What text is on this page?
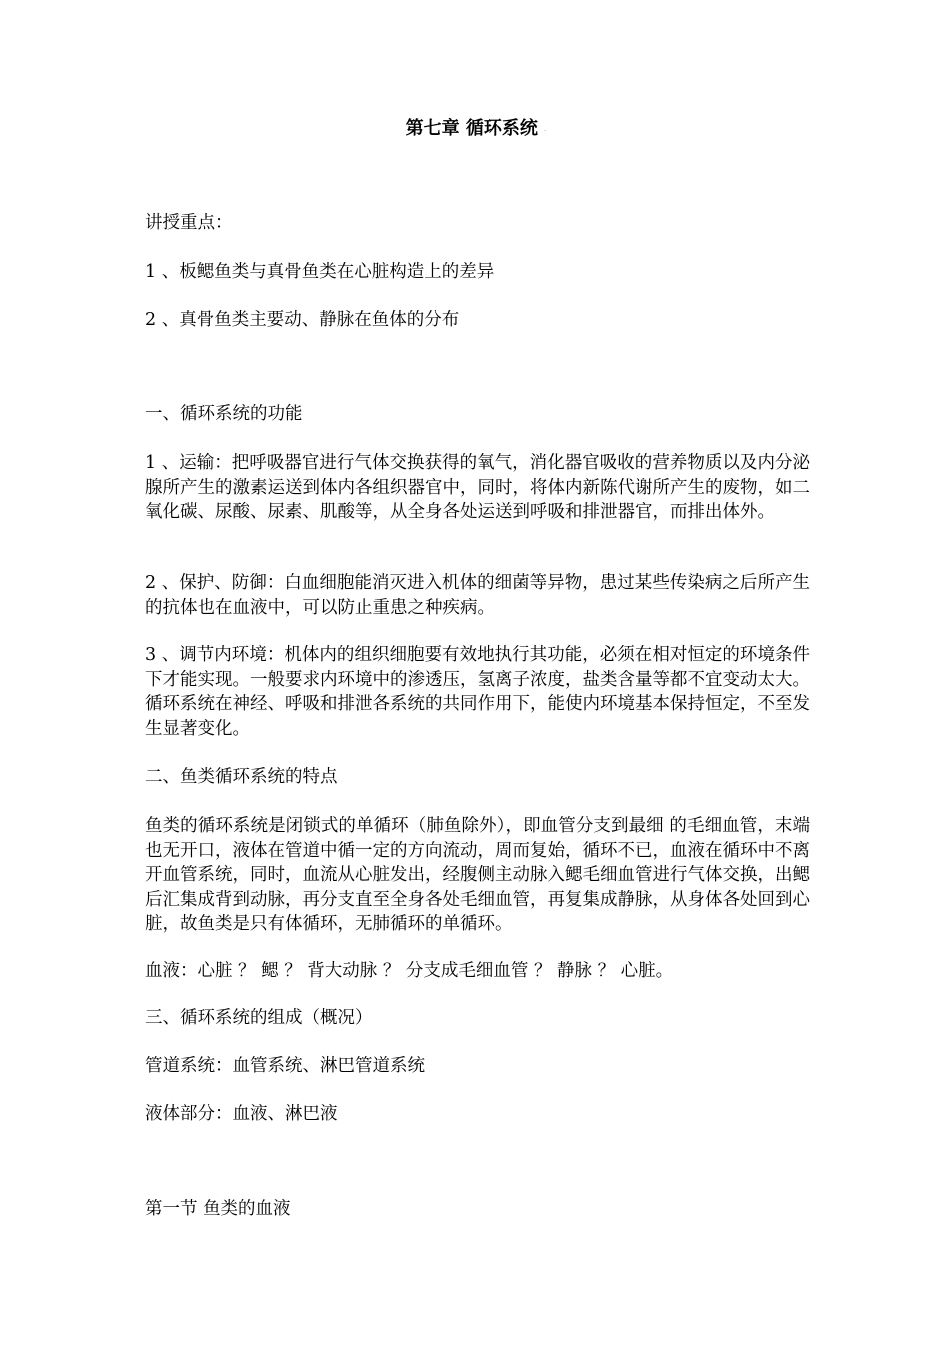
第七章 循环系统 .
讲授重点：
1 、板鳃鱼类与真骨鱼类在心脏构造上的差异
2 、真骨鱼类主要动、静脉在鱼体的分布
一、循环系统的功能
1 、运输：把呼吸器官进行气体交换获得的氧气，消化器官吸收的营养物质以及内分泌腺所产生的激素运送到体内各组织器官中，同时，将体内新陈代谢所产生的废物，如二氧化碳、尿酸、尿素、肌酸等，从全身各处运送到呼吸和排泄器官，而排出体外。
2 、保护、防御：白血细胞能消灭进入机体的细菌等异物，患过某些传染病之后所产生的抗体也在血液中，可以防止重患之种疾病。
3 、调节内环境：机体内的组织细胞要有效地执行其功能，必须在相对恒定的环境条件下才能实现。一般要求内环境中的渗透压，氢离子浓度，盐类含量等都不宜变动太大。循环系统在神经、呼吸和排泄各系统的共同作用下，能使内环境基本保持恒定，不至发生显著变化。
二、鱼类循环系统的特点
鱼类的循环系统是闭锁式的单循环（肺鱼除外），即血管分支到最细 的毛细血管，末端也无开口，液体在管道中循一定的方向流动，周而复始，循环不已，血液在循环中不离开血管系统，同时，血流从心脏发出，经腹侧主动脉入鳃毛细血管进行气体交换，出鳃后汇集成背到动脉，再分支直至全身各处毛细血管，再复集成静脉，从身体各处回到心脏，故鱼类是只有体循环，无肺循环的单循环。
血液：心脏 ？ 鳃 ？ 背大动脉 ？ 分支成毛细血管 ？ 静脉 ？ 心脏。
三、循环系统的组成（概况）
管道系统：血管系统、淋巴管道系统
液体部分：血液、淋巴液
第一节 鱼类的血液
